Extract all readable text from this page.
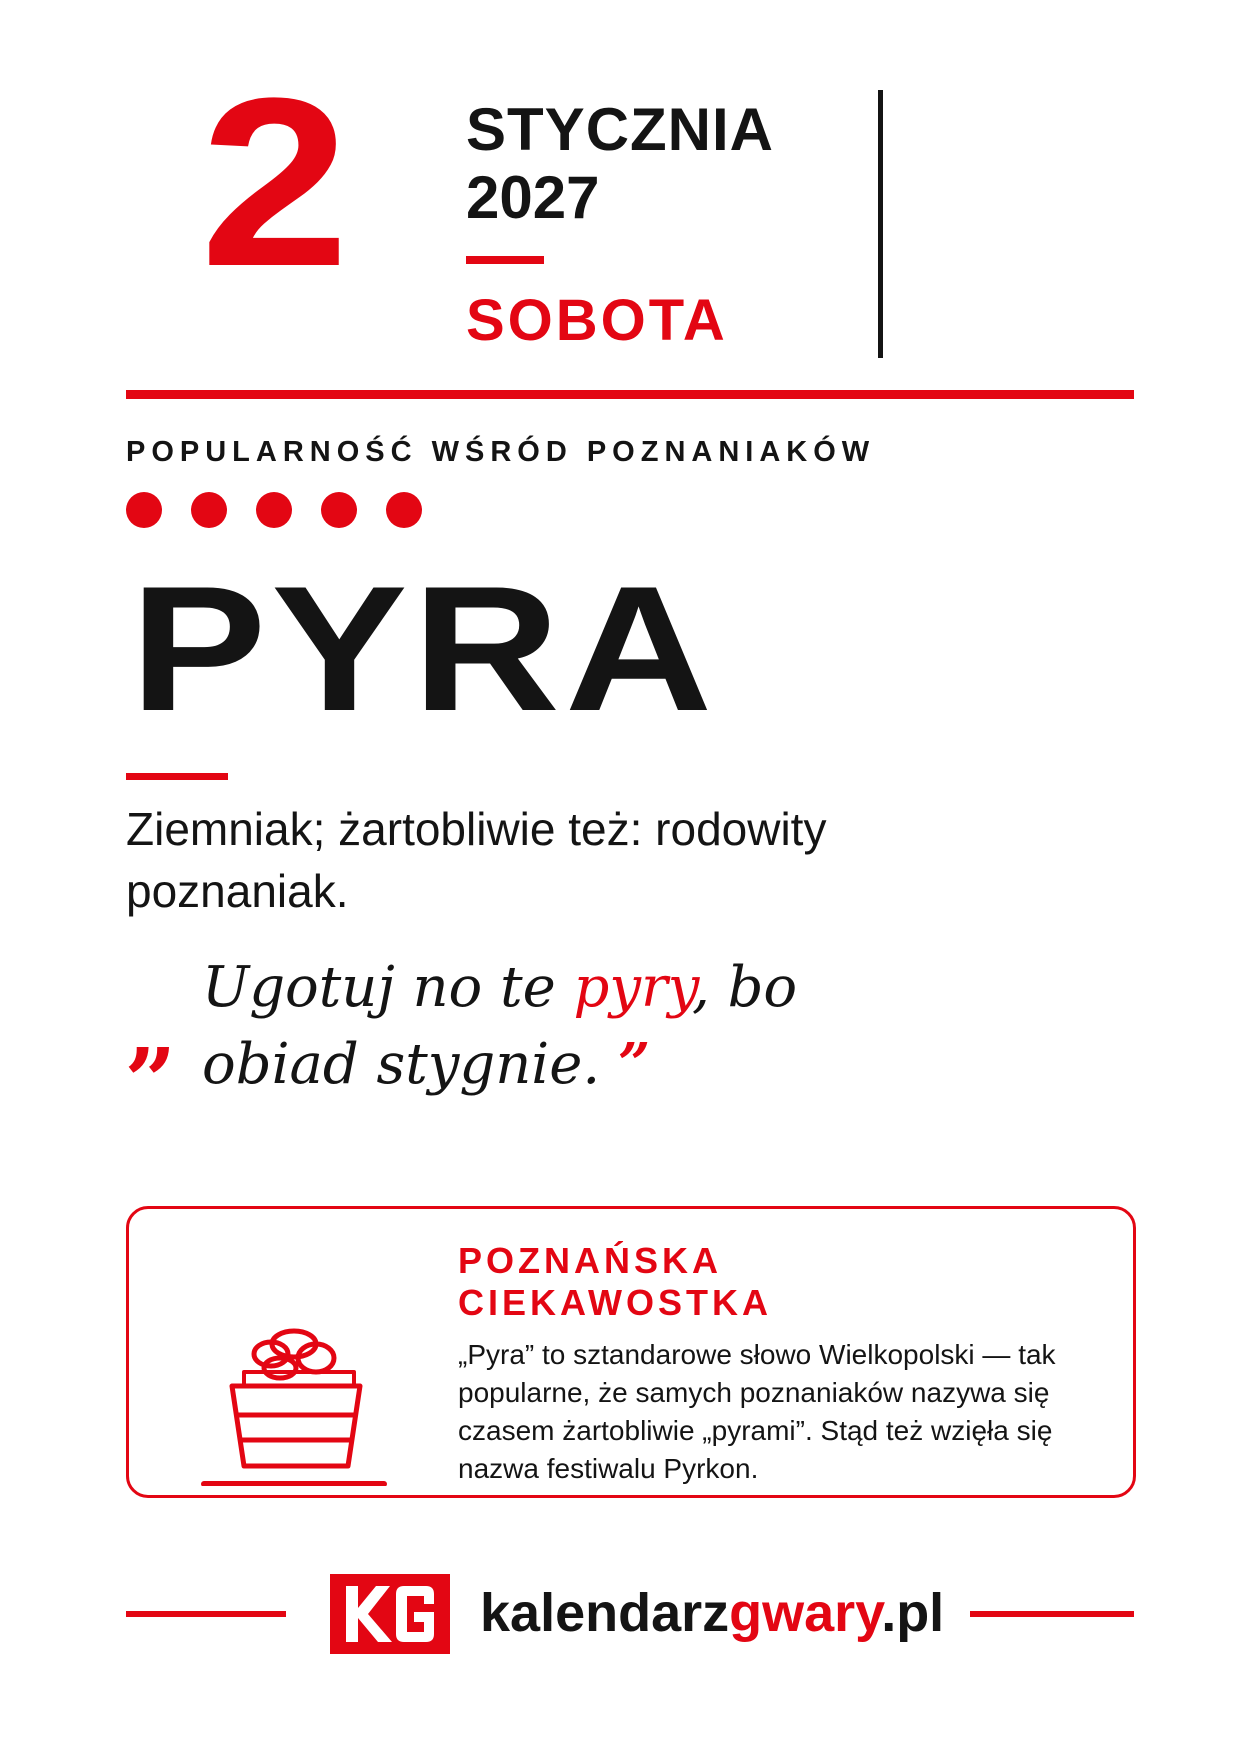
2 STYCZNIA
2027
SOBOTA
POPULARNOŚĆ WŚRÓD POZNANIAKÓW
PYRA
Ziemniak; żartobliwie też: rodowity poznaniak.
„ Ugotuj no te pyry, bo obiad stygnie. ”
POZNAŃSKA CIEKAWOSTKA
„Pyra” to sztandarowe słowo Wielkopolski — tak popularne, że samych poznaniaków nazywa się czasem żartobliwie „pyrami”. Stąd też wzięła się nazwa festiwalu Pyrkon.
kalendarzgwary.pl
